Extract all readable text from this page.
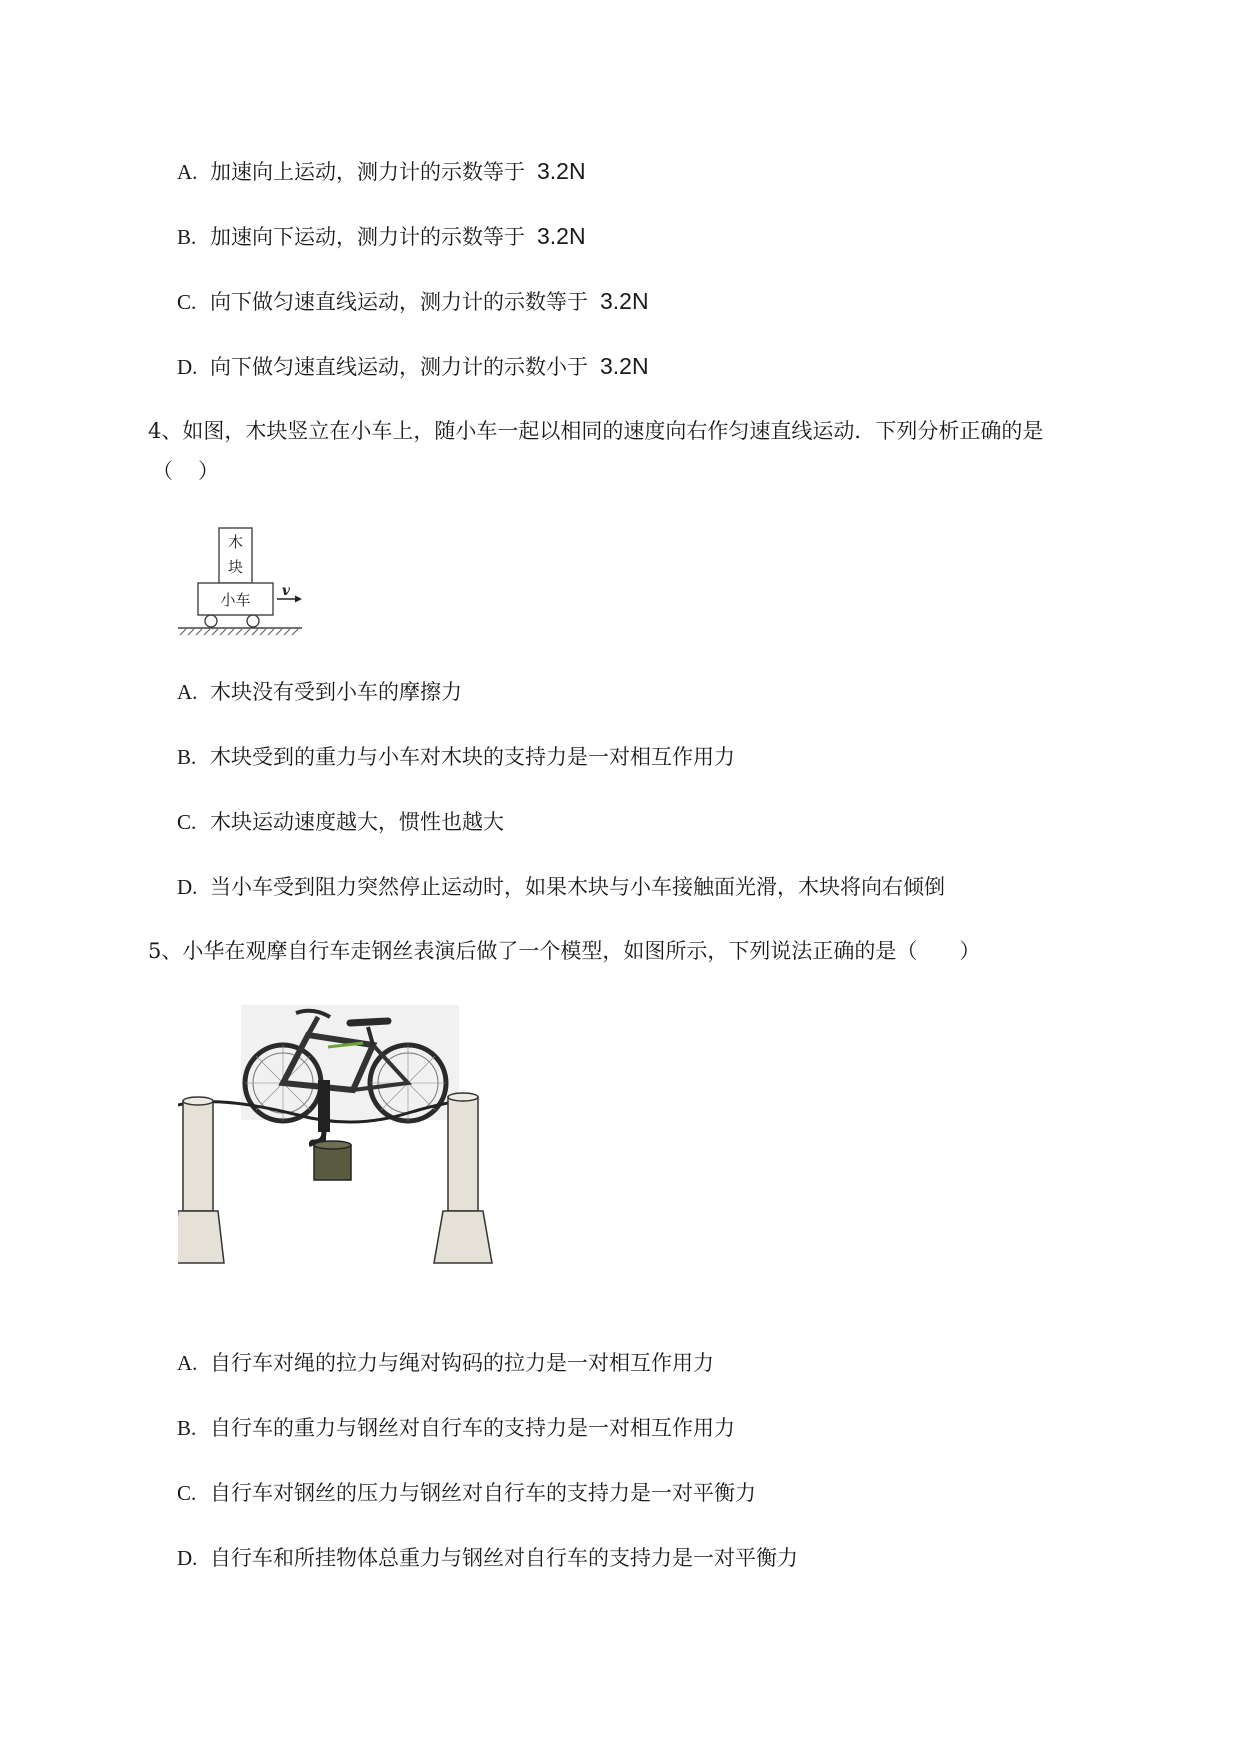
A. 加速向上运动，测力计的示数等于 3.2N
B. 加速向下运动，测力计的示数等于 3.2N
C. 向下做匀速直线运动，测力计的示数等于 3.2N
D. 向下做匀速直线运动，测力计的示数小于 3.2N
4、如图，木块竖立在小车上，随小车一起以相同的速度向右作匀速直线运动．下列分析正确的是
（ ）
木
块
小车 v
A. 木块没有受到小车的摩擦力
B. 木块受到的重力与小车对木块的支持力是一对相互作用力
C. 木块运动速度越大，惯性也越大
D. 当小车受到阻力突然停止运动时，如果木块与小车接触面光滑，木块将向右倾倒
5、小华在观摩自行车走钢丝表演后做了一个模型，如图所示，下列说法正确的是（　　）
A. 自行车对绳的拉力与绳对钩码的拉力是一对相互作用力
B. 自行车的重力与钢丝对自行车的支持力是一对相互作用力
C. 自行车对钢丝的压力与钢丝对自行车的支持力是一对平衡力
D. 自行车和所挂物体总重力与钢丝对自行车的支持力是一对平衡力
